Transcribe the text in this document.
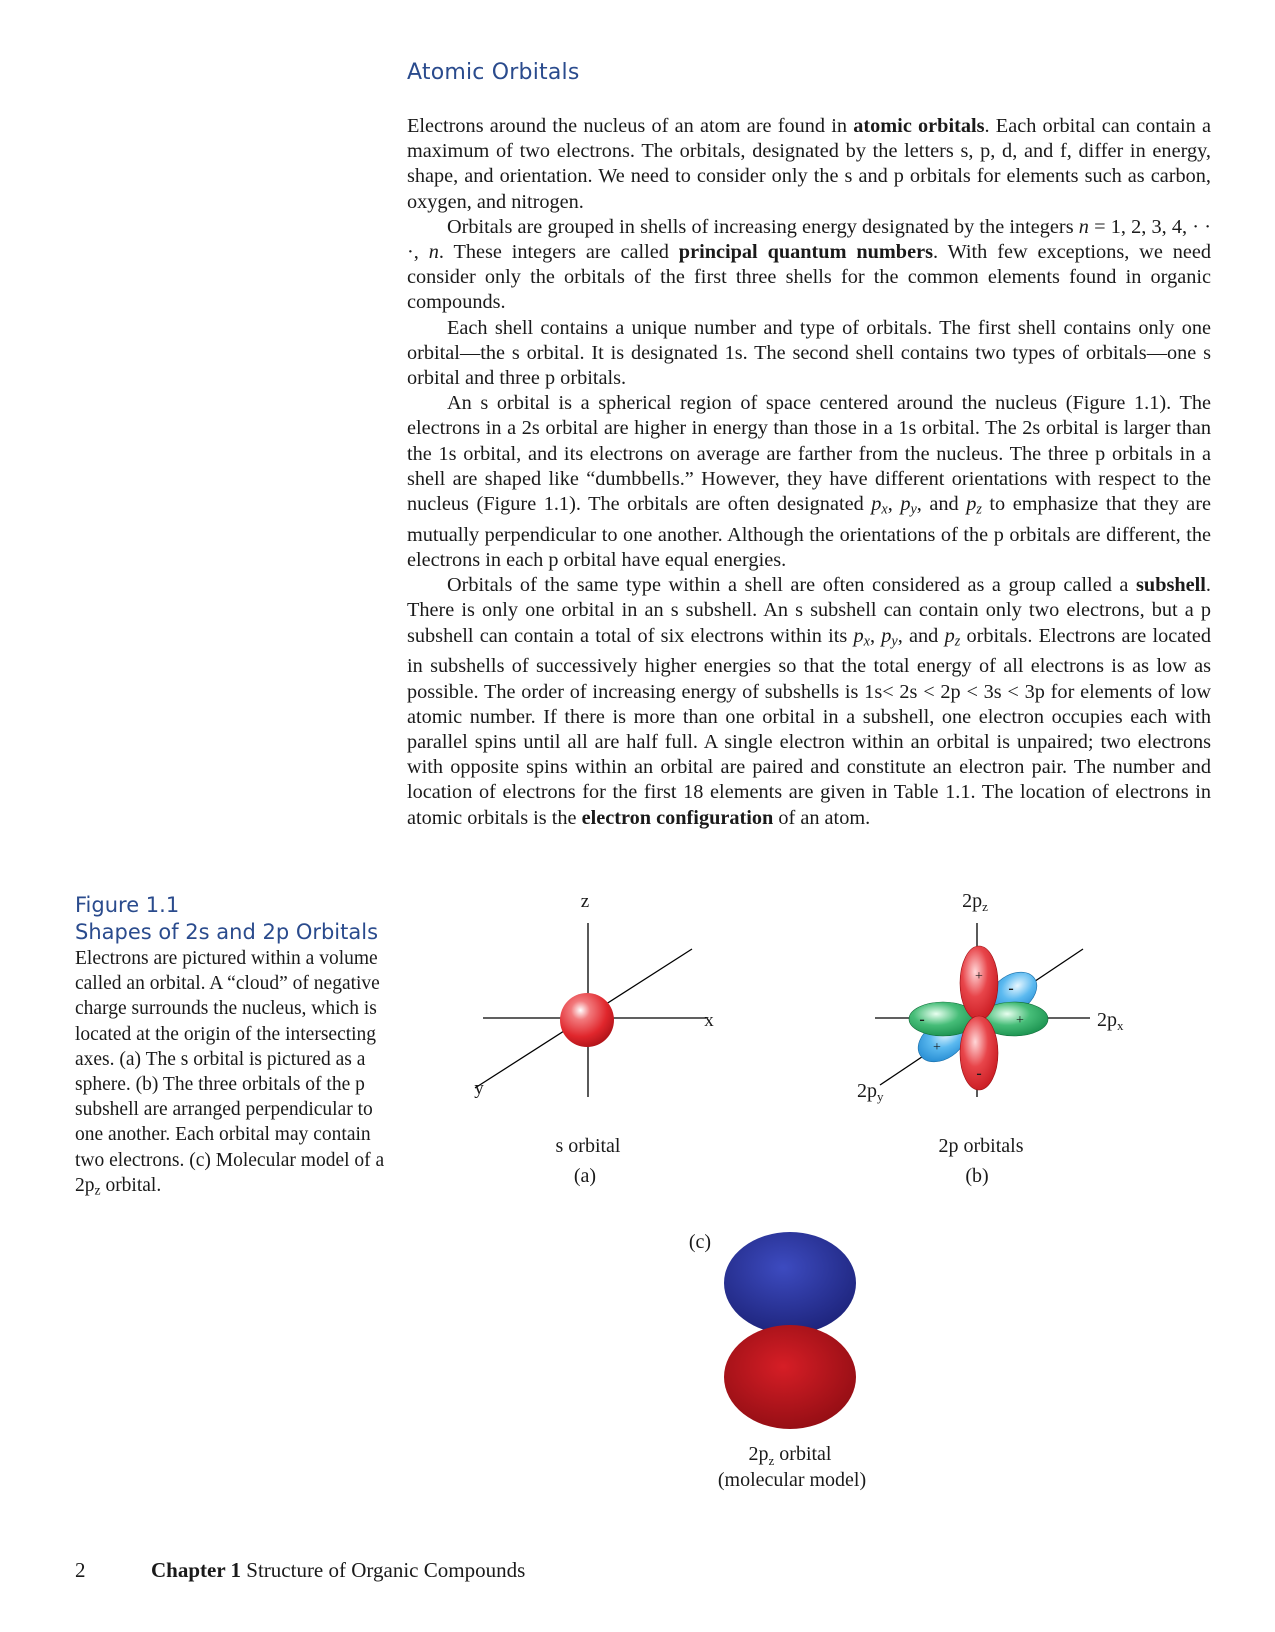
Atomic Orbitals

Electrons around the nucleus of an atom are found in atomic orbitals. Each orbital can contain a maximum of two electrons. The orbitals, designated by the letters s, p, d, and f, differ in energy, shape, and orientation. We need to consider only the s and p orbitals for elements such as carbon, oxygen, and nitrogen.

Orbitals are grouped in shells of increasing energy designated by the integers n = 1, 2, 3, 4, · · ·, n. These integers are called principal quantum numbers. With few exceptions, we need consider only the orbitals of the first three shells for the common elements found in organic compounds.

Each shell contains a unique number and type of orbitals. The first shell contains only one orbital—the s orbital. It is designated 1s. The second shell contains two types of orbitals—one s orbital and three p orbitals.

An s orbital is a spherical region of space centered around the nucleus (Figure 1.1). The electrons in a 2s orbital are higher in energy than those in a 1s orbital. The 2s orbital is larger than the 1s orbital, and its electrons on average are farther from the nucleus. The three p orbitals in a shell are shaped like “dumbbells.” However, they have different orientations with respect to the nucleus (Figure 1.1). The orbitals are often designated $p_x$, $p_y$, and $p_z$ to emphasize that they are mutually perpendicular to one another. Although the orientations of the p orbitals are different, the electrons in each p orbital have equal energies.

Orbitals of the same type within a shell are often considered as a group called a subshell. There is only one orbital in an s subshell. An s subshell can contain only two electrons, but a p subshell can contain a total of six electrons within its $p_x$, $p_y$, and $p_z$ orbitals. Electrons are located in subshells of successively higher energies so that the total energy of all electrons is as low as possible. The order of increasing energy of subshells is 1s< 2s < 2p < 3s < 3p for elements of low atomic number. If there is more than one orbital in a subshell, one electron occupies each with parallel spins until all are half full. A single electron within an orbital is unpaired; two electrons with opposite spins within an orbital are paired and constitute an electron pair. The number and location of electrons for the first 18 elements are given in Table 1.1. The location of electrons in atomic orbitals is the electron configuration of an atom.

Figure 1.1
Shapes of 2s and 2p Orbitals
Electrons are pictured within a volume called an orbital. A “cloud” of negative charge surrounds the nucleus, which is located at the origin of the intersecting axes. (a) The s orbital is pictured as a sphere. (b) The three orbitals of the p subshell are arranged perpendicular to one another. Each orbital may contain two electrons. (c) Molecular model of a $2p_z$ orbital.
z
x
y
s orbital
(a)
+
-
-	+
-
+
$2p_z$
$2p_x$
$2p_y$
2p orbitals
(b)
(c)
$2p_z$ orbital
(molecular model)
2	Chapter 1 Structure of Organic Compounds
